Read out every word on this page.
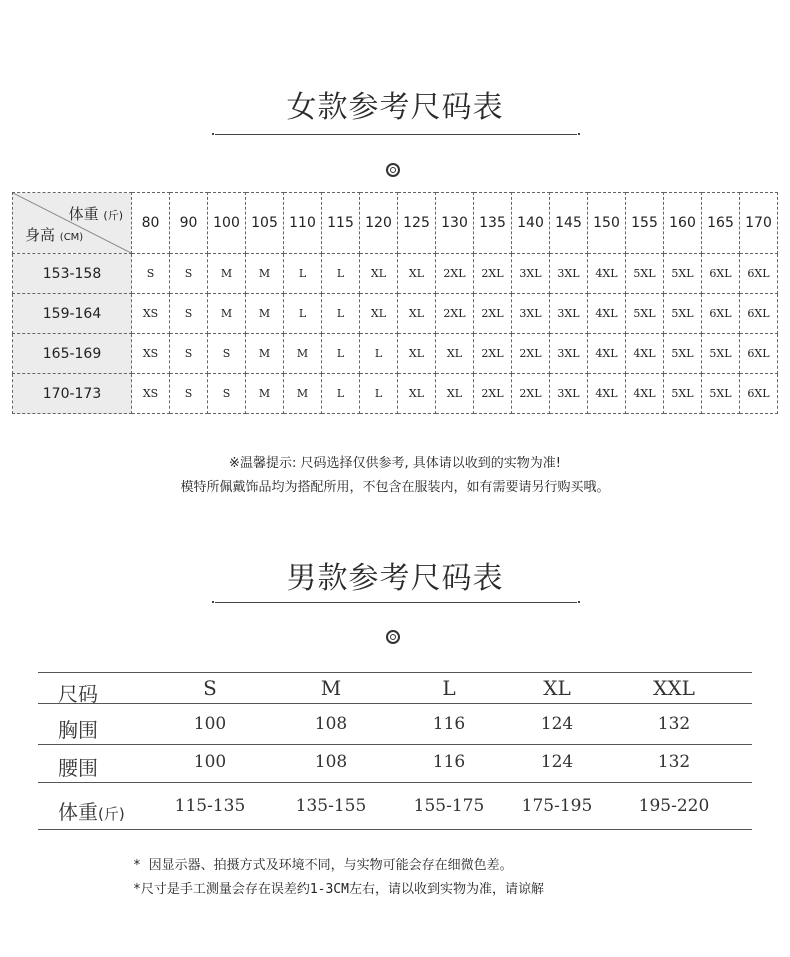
女款参考尺码表
体重 (斤)
身高 (CM)	80	90	100	105	110	115	120	125	130	135	140	145	150	155	160	165	170
153-158	S	S	M	M	L	L	XL	XL	2XL	2XL	3XL	3XL	4XL	5XL	5XL	6XL	6XL
159-164	XS	S	M	M	L	L	XL	XL	2XL	2XL	3XL	3XL	4XL	5XL	5XL	6XL	6XL
165-169	XS	S	S	M	M	L	L	XL	XL	2XL	2XL	3XL	4XL	4XL	5XL	5XL	6XL
170-173	XS	S	S	M	M	L	L	XL	XL	2XL	2XL	3XL	4XL	4XL	5XL	5XL	6XL
※温馨提示: 尺码选择仅供参考, 具体请以收到的实物为准!
模特所佩戴饰品均为搭配所用，不包含在服装内，如有需要请另行购买哦。
男款参考尺码表
尺码	S	M	L	XL	XXL
胸围	100	108	116	124	132
腰围	100	108	116	124	132
体重(斤)	115-135	135-155	155-175	175-195	195-220
* 因显示器、拍摄方式及环境不同，与实物可能会存在细微色差。
*尺寸是手工测量会存在误差约1-3CM左右，请以收到实物为准，请谅解
